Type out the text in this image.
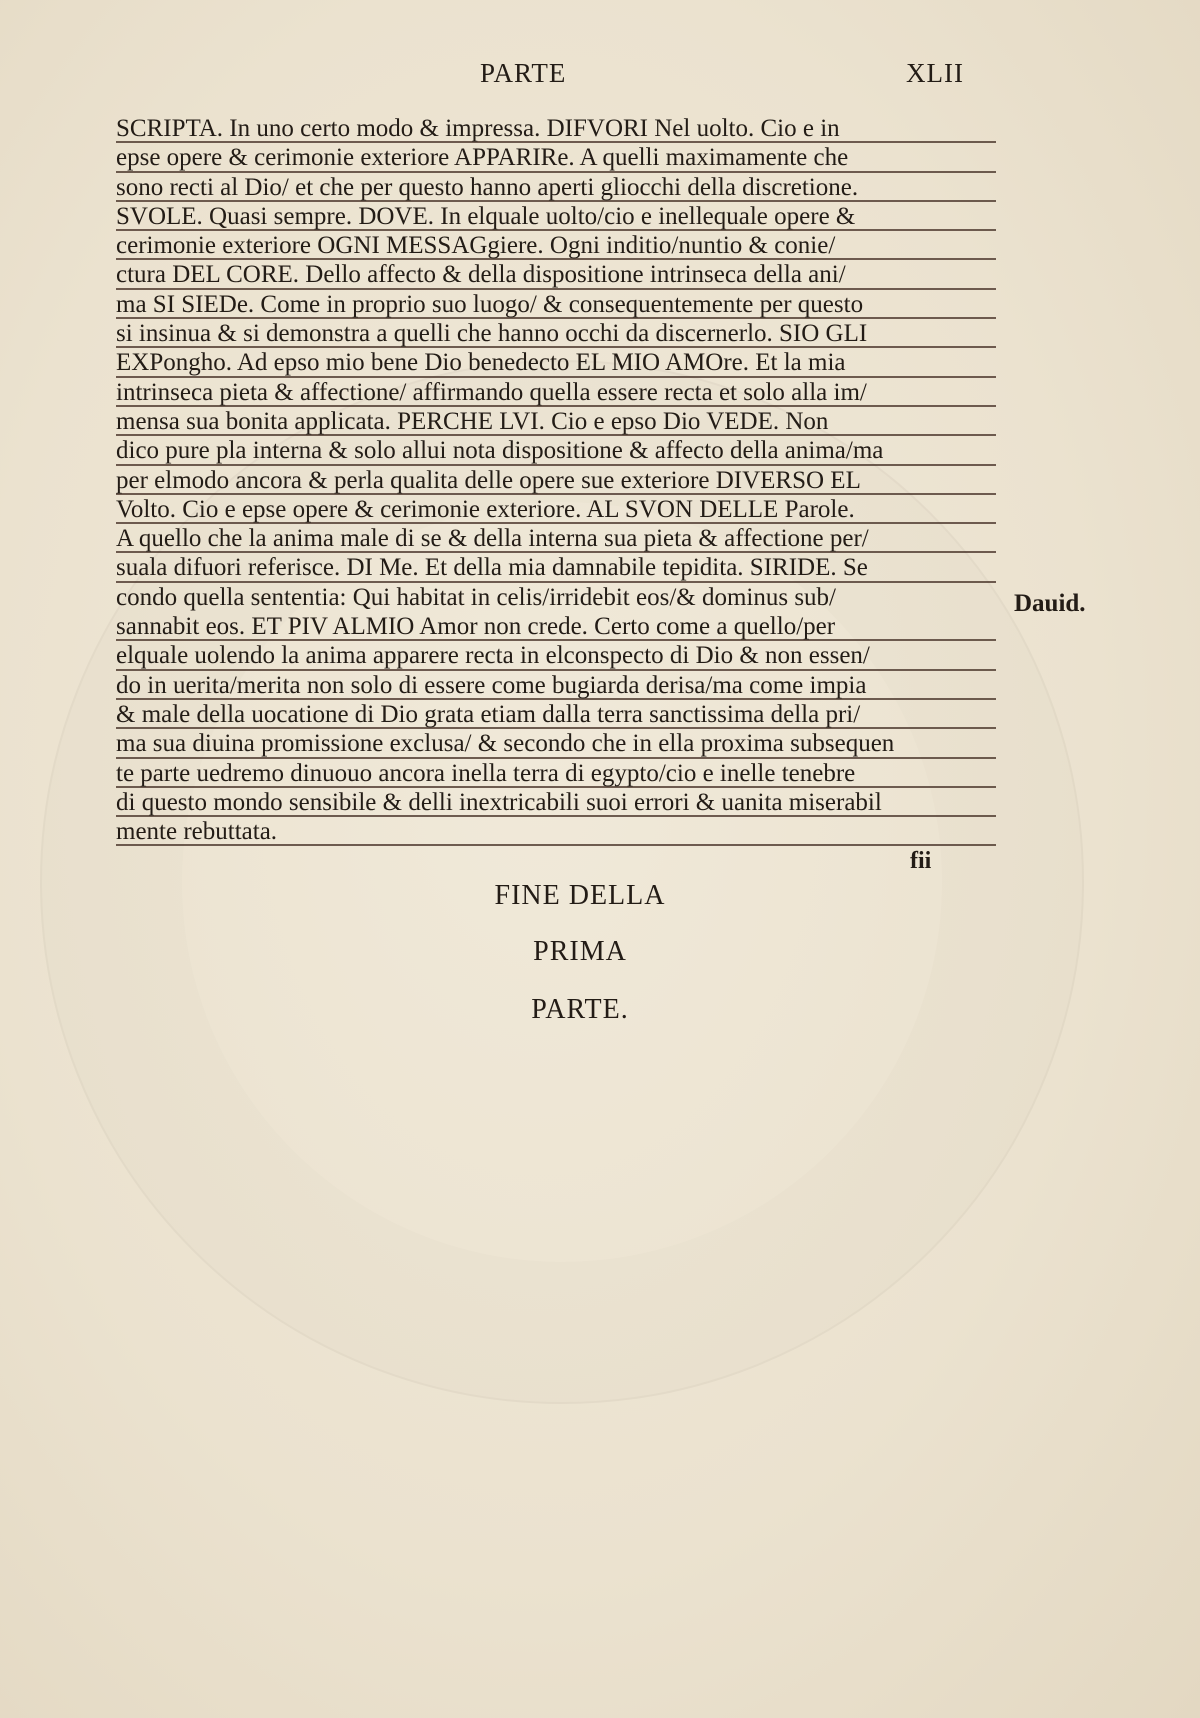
PARTE	XLII
SCRIPTA. In uno certo modo & impressa. DIFVORI Nel uolto. Cio e in
epse opere & cerimonie exteriore APPARIRe. A quelli maximamente che
sono recti al Dio/ et che per questo hanno aperti gliocchi della discretione.
SVOLE. Quasi sempre. DOVE. In elquale uolto/cio e inellequale opere &
cerimonie exteriore OGNI MESSAGgiere. Ogni inditio/nuntio & conie/
ctura DEL CORE. Dello affecto & della dispositione intrinseca della ani/
ma SI SIEDe. Come in proprio suo luogo/ & consequentemente per questo
si insinua & si demonstra a quelli che hanno occhi da discernerlo. SIO GLI
EXPongho. Ad epso mio bene Dio benedecto EL MIO AMOre. Et la mia
intrinseca pieta & affectione/ affirmando quella essere recta et solo alla im/
mensa sua bonita applicata. PERCHE LVI. Cio e epso Dio VEDE. Non
dico pure pla interna & solo allui nota dispositione & affecto della anima/ma
per elmodo ancora & perla qualita delle opere sue exteriore DIVERSO EL
Volto. Cio e epse opere & cerimonie exteriore. AL SVON DELLE Parole.
A quello che la anima male di se & della interna sua pieta & affectione per/
suala difuori referisce. DI Me. Et della mia damnabile tepidita. SIRIDE. Se
condo quella sententia: Qui habitat in celis/irridebit eos/& dominus sub/
sannabit eos. ET PIV ALMIO Amor non crede. Certo come a quello/per
elquale uolendo la anima apparere recta in elconspecto di Dio & non essen/
do in uerita/merita non solo di essere come bugiarda derisa/ma come impia
& male della uocatione di Dio grata etiam dalla terra sanctissima della pri/
ma sua diuina promissione exclusa/ & secondo che in ella proxima subsequen
te parte uedremo dinuouo ancora inella terra di egypto/cio e inelle tenebre
di questo mondo sensibile & delli inextricabili suoi errori & uanita miserabil
mente rebuttata.
Dauid.
fii
FINE DELLA
PRIMA
PARTE.
